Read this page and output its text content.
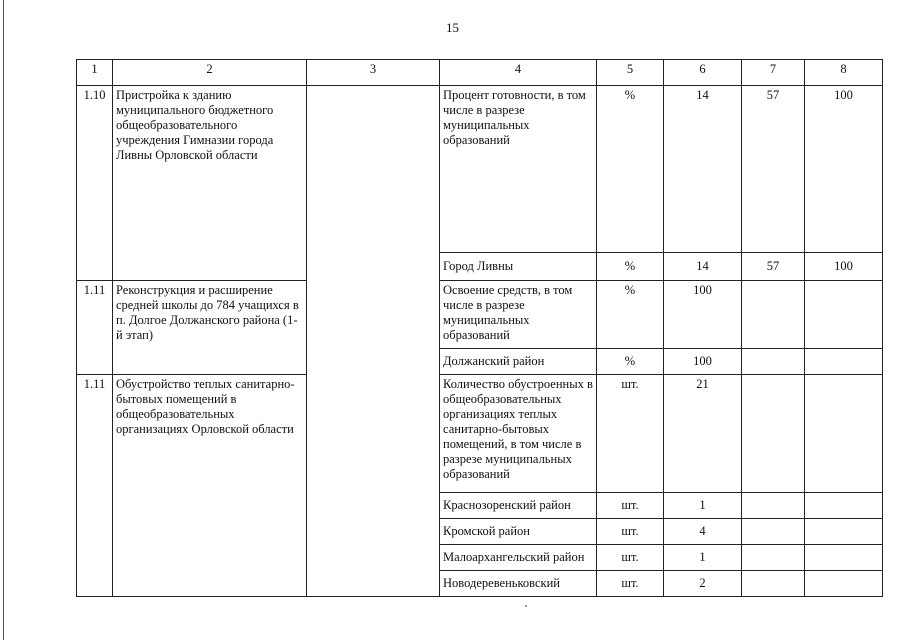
15
1	2	3	4	5	6	7	8
1.10	Пристройка к зданию муниципального бюджетного общеобразовательного учреждения Гимназии города Ливны Орловской области		Процент готовности, в том числе в разрезе муниципальных образований	%	14	57	100
			Город Ливны	%	14	57	100
1.11	Реконструкция и расширение средней школы до 784 учащихся в п. Долгое Должанского района (1-й этап)		Освоение средств, в том числе в разрезе муниципальных образований	%	100		
			Должанский район	%	100		
1.11	Обустройство теплых санитарно-бытовых помещений в общеобразовательных организациях Орловской области		Количество обустроенных в общеобразовательных организациях теплых санитарно-бытовых помещений, в том числе в разрезе муниципальных образований	шт.	21		
			Краснозоренский район	шт.	1		
			Кромской район	шт.	4		
			Малоархангельский район	шт.	1		
			Новодеревеньковский	шт.	2		
